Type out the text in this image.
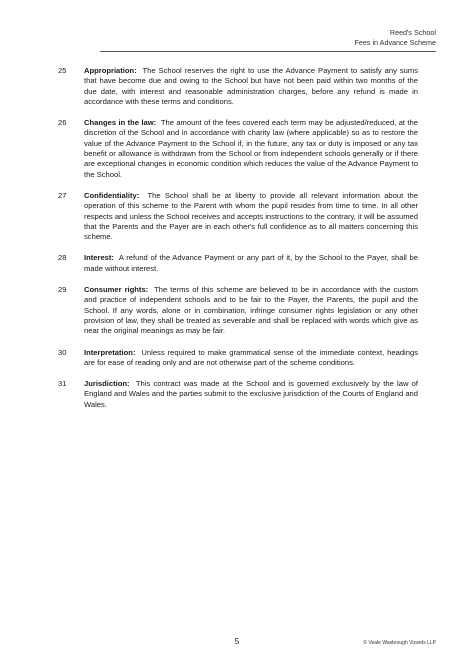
Reed's School
Fees in Advance Scheme
25	Appropriation: The School reserves the right to use the Advance Payment to satisfy any sums that have become due and owing to the School but have not been paid within two months of the due date, with interest and reasonable administration charges, before any refund is made in accordance with these terms and conditions.
26	Changes in the law: The amount of the fees covered each term may be adjusted/reduced, at the discretion of the School and in accordance with charity law (where applicable) so as to restore the value of the Advance Payment to the School if, in the future, any tax or duty is imposed or any tax benefit or allowance is withdrawn from the School or from independent schools generally or if there are exceptional changes in economic condition which reduces the value of the Advance Payment to the School.
27	Confidentiality: The School shall be at liberty to provide all relevant information about the operation of this scheme to the Parent with whom the pupil resides from time to time. In all other respects and unless the School receives and accepts instructions to the contrary, it will be assumed that the Parents and the Payer are in each other's full confidence as to all matters concerning this scheme.
28	Interest: A refund of the Advance Payment or any part of it, by the School to the Payer, shall be made without interest.
29	Consumer rights: The terms of this scheme are believed to be in accordance with the custom and practice of independent schools and to be fair to the Payer, the Parents, the pupil and the School. If any words, alone or in combination, infringe consumer rights legislation or any other provision of law, they shall be treated as severable and shall be replaced with words which give as near the original meanings as may be fair.
30	Interpretation: Unless required to make grammatical sense of the immediate context, headings are for ease of reading only and are not otherwise part of the scheme conditions.
31	Jurisdiction: This contract was made at the School and is governed exclusively by the law of England and Wales and the parties submit to the exclusive jurisdiction of the Courts of England and Wales.
5	© Veale Wasbrough Vizards LLP
